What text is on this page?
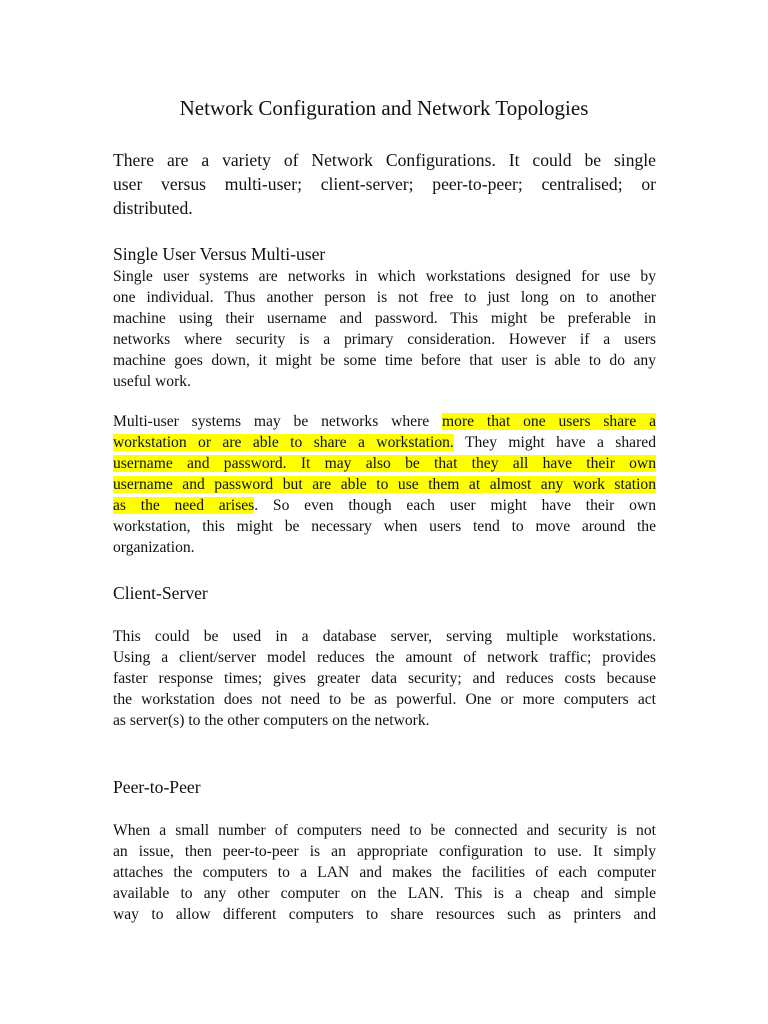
Network Configuration and Network Topologies
There are a variety of Network Configurations. It could be single
user versus multi-user; client-server; peer-to-peer; centralised; or
distributed.
Single User Versus Multi-user
Single user systems are networks in which workstations designed for use by
one individual. Thus another person is not free to just long on to another
machine using their username and password. This might be preferable in
networks where security is a primary consideration. However if a users
machine goes down, it might be some time before that user is able to do any
useful work.
Multi-user systems may be networks where more that one users share a
workstation or are able to share a workstation. They might have a shared
username and password. It may also be that they all have their own
username and password but are able to use them at almost any work station
as the need arises. So even though each user might have their own
workstation, this might be necessary when users tend to move around the
organization.
Client-Server
This could be used in a database server, serving multiple workstations.
Using a client/server model reduces the amount of network traffic; provides
faster response times; gives greater data security; and reduces costs because
the workstation does not need to be as powerful. One or more computers act
as server(s) to the other computers on the network.
Peer-to-Peer
When a small number of computers need to be connected and security is not
an issue, then peer-to-peer is an appropriate configuration to use. It simply
attaches the computers to a LAN and makes the facilities of each computer
available to any other computer on the LAN. This is a cheap and simple
way to allow different computers to share resources such as printers and
